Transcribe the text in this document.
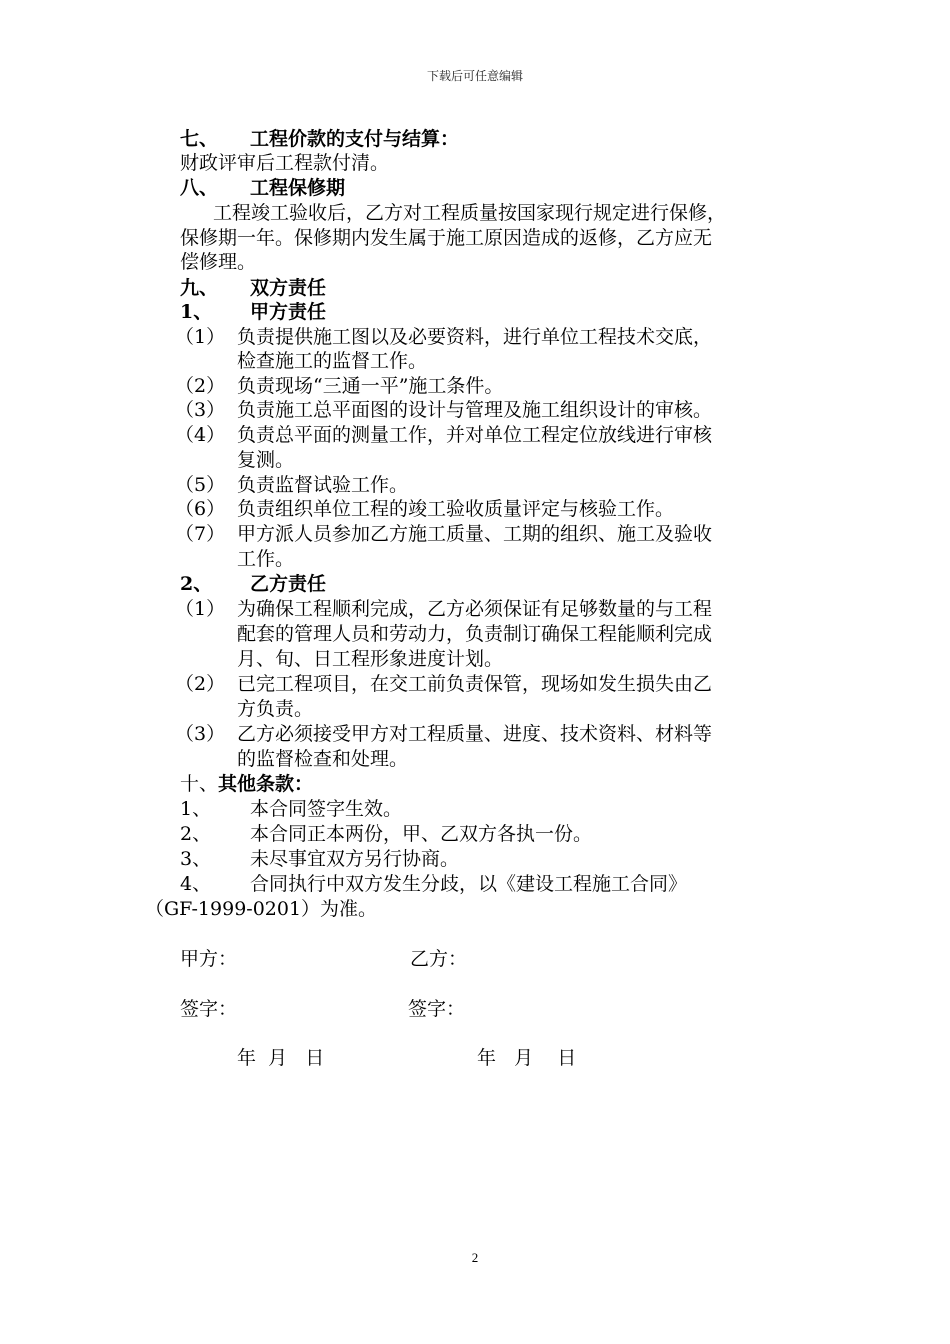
下载后可任意编辑
七、 工程价款的支付与结算：
财政评审后工程款付清。
八、 工程保修期
工程竣工验收后，乙方对工程质量按国家现行规定进行保修，
保修期一年。保修期内发生属于施工原因造成的返修，乙方应无
偿修理。
九、 双方责任
1、 甲方责任
（1） 负责提供施工图以及必要资料，进行单位工程技术交底，
检查施工的监督工作。
（2） 负责现场“三通一平”施工条件。
（3） 负责施工总平面图的设计与管理及施工组织设计的审核。
（4） 负责总平面的测量工作，并对单位工程定位放线进行审核
复测。
（5） 负责监督试验工作。
（6） 负责组织单位工程的竣工验收质量评定与核验工作。
（7） 甲方派人员参加乙方施工质量、工期的组织、施工及验收
工作。
2、 乙方责任
（1） 为确保工程顺利完成，乙方必须保证有足够数量的与工程
配套的管理人员和劳动力，负责制订确保工程能顺利完成
月、旬、日工程形象进度计划。
（2） 已完工程项目，在交工前负责保管，现场如发生损失由乙
方负责。
（3） 乙方必须接受甲方对工程质量、进度、技术资料、材料等
的监督检查和处理。
十、其他条款：
1、 本合同签字生效。
2、 本合同正本两份，甲、乙双方各执一份。
3、 未尽事宜双方另行协商。
4、 合同执行中双方发生分歧，以《建设工程施工合同》
（GF-1999-0201）为准。
甲方：	乙方：
签字：	签字：
年  月   日	年   月    日
2
